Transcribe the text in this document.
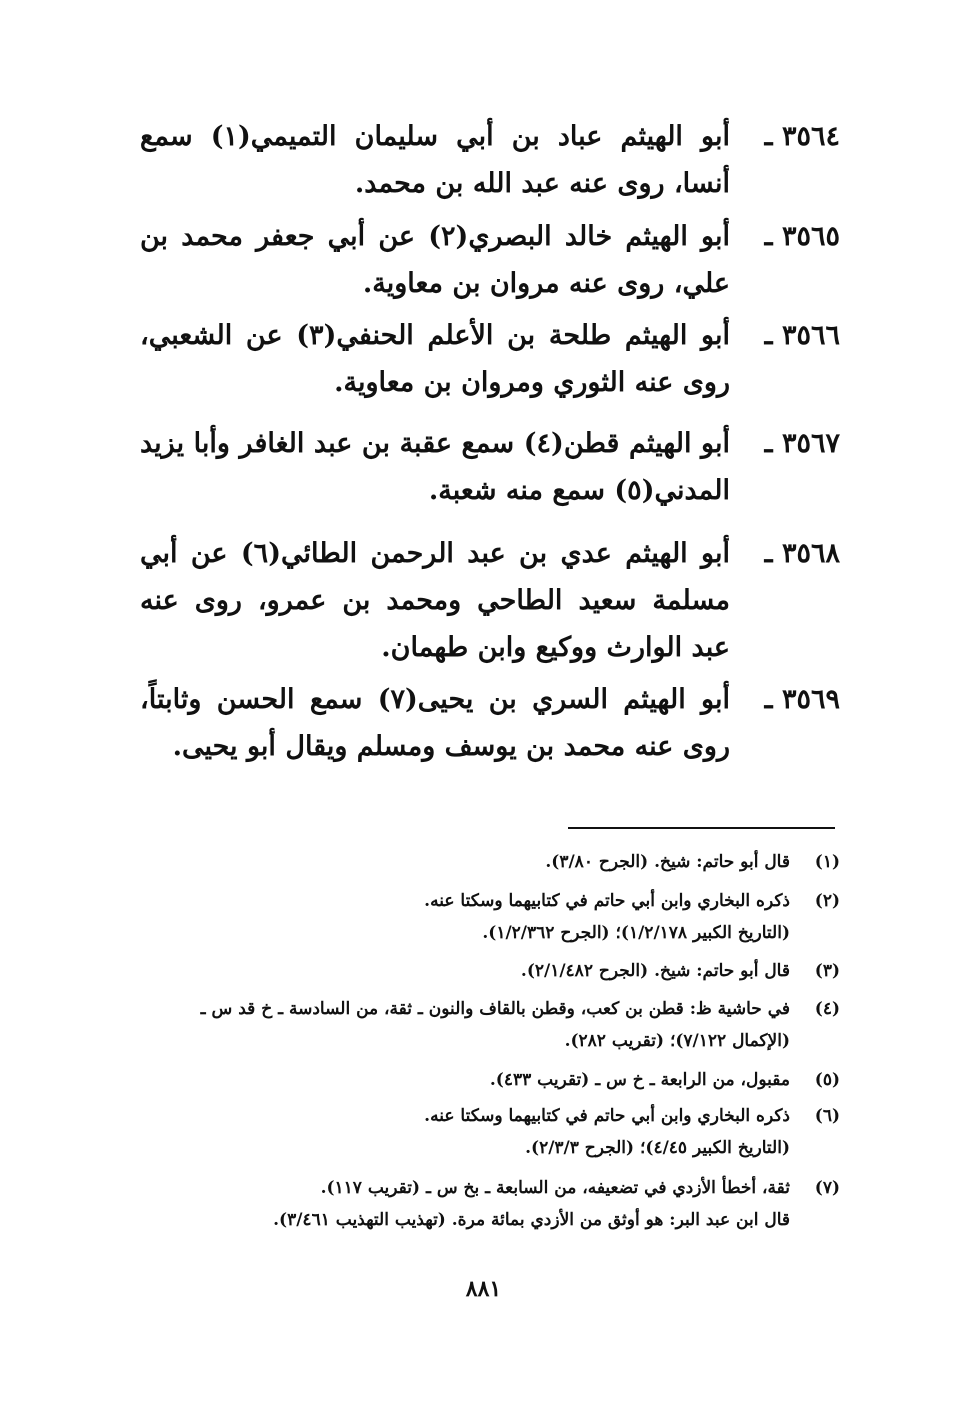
٣٥٦٤ ـ
أبو الهيثم عباد بن أبي سليمان التميمي(١) سمع أنسا، روى عنه عبد الله بن محمد.
٣٥٦٥ ـ
أبو الهيثم خالد البصري(٢) عن أبي جعفر محمد بن علي، روى عنه مروان بن معاوية.
٣٥٦٦ ـ
أبو الهيثم طلحة بن الأعلم الحنفي(٣) عن الشعبي، روى عنه الثوري ومروان بن معاوية.
٣٥٦٧ ـ
أبو الهيثم قطن(٤) سمع عقبة بن عبد الغافر وأبا يزيد المدني(٥) سمع منه شعبة.
٣٥٦٨ ـ
أبو الهيثم عدي بن عبد الرحمن الطائي(٦) عن أبي مسلمة سعيد الطاحي ومحمد بن عمرو، روى عنه عبد الوارث ووكيع وابن طهمان.
٣٥٦٩ ـ
أبو الهيثم السري بن يحيى(٧) سمع الحسن وثابتاً، روى عنه محمد بن يوسف ومسلم ويقال أبو يحيى.
(١)
قال أبو حاتم: شيخ. (الجرح ٣/٨٠).
(٢)
ذكره البخاري وابن أبي حاتم في كتابيهما وسكتا عنه.
(التاريخ الكبير ١/٢/١٧٨)؛ (الجرح ١/٢/٣٦٢).
(٣)
قال أبو حاتم: شيخ. (الجرح ٢/١/٤٨٢).
(٤)
في حاشية ظ: قطن بن كعب، وقطن بالقاف والنون ـ ثقة، من السادسة ـ خ قد س ـ
(الإكمال ٧/١٢٢)؛ (تقريب ٢٨٢).
(٥)
مقبول، من الرابعة ـ خ س ـ (تقريب ٤٣٣).
(٦)
ذكره البخاري وابن أبي حاتم في كتابيهما وسكتا عنه.
(التاريخ الكبير ٤/٤٥)؛ (الجرح ٢/٣/٣).
(٧)
ثقة، أخطأ الأزدي في تضعيفه، من السابعة ـ بخ س ـ (تقريب ١١٧).
قال ابن عبد البر: هو أوثق من الأزدي بمائة مرة. (تهذيب التهذيب ٣/٤٦١).
٨٨١
